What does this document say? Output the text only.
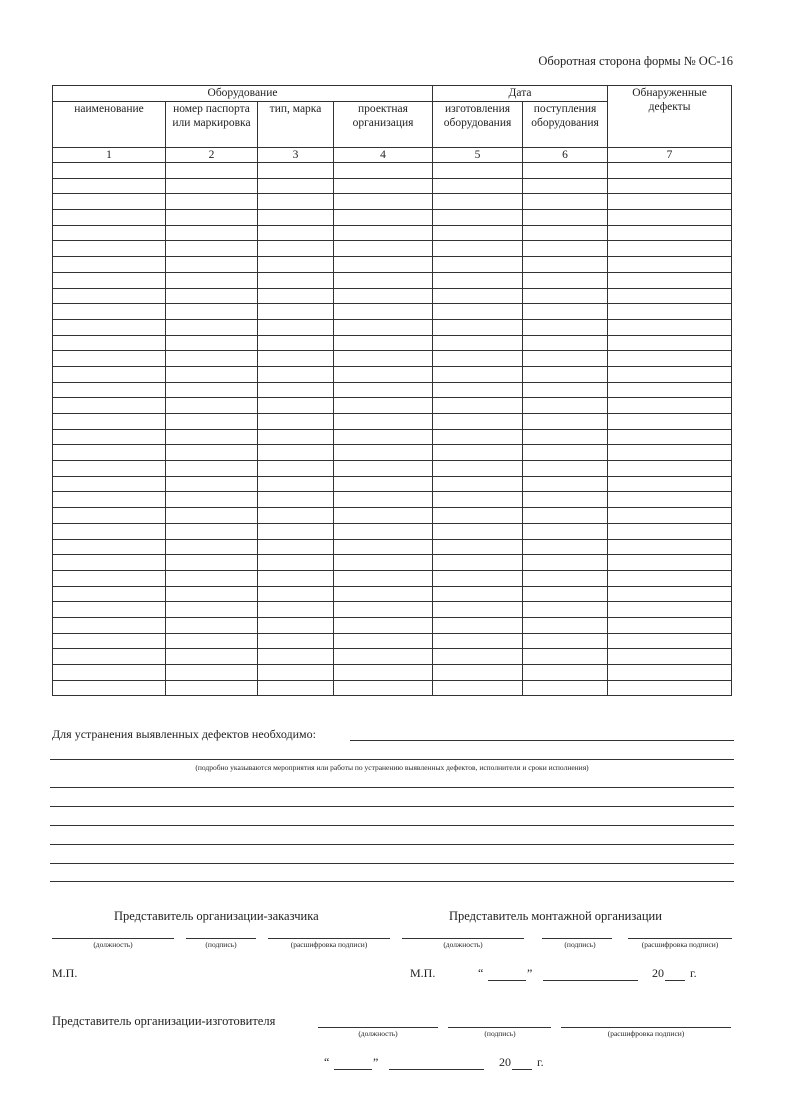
Оборотная сторона формы № ОС-16
Оборудование				Дата		Обнаруженные дефекты

наименование	номер паспорта или маркировка	тип, марка	проектная организация	изготовления оборудования	поступления оборудования	
1	2	3	4	5	6	7

Для устранения выявленных дефектов необходимо:
(подробно указываются мероприятия или работы по устранению выявленных дефектов, исполнители и сроки исполнения)
Представитель организации-заказчика	Представитель монтажной организации
(должность)	(подпись)	(расшифровка подписи)	(должность)	(подпись)	(расшифровка подписи)
М.П.	М.П.	“	”	20 г.
Представитель организации-изготовителя
(должность)	(подпись)	(расшифровка подписи)
“	”	20 г.
